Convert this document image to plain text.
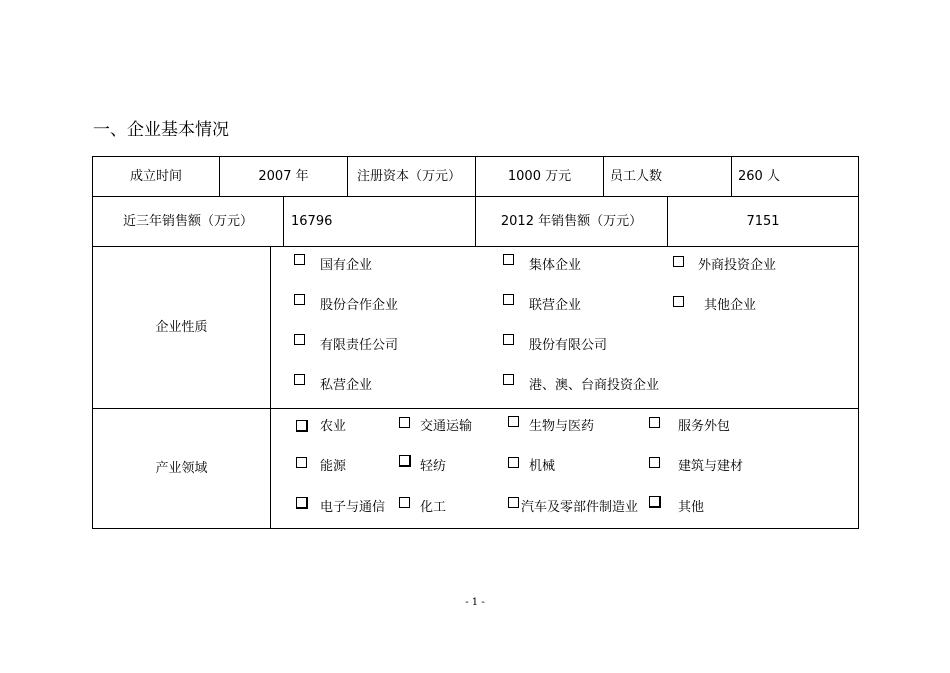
一、企业基本情况
成立时间	2007 年	注册资本（万元）	1000 万元	员工人数	260 人
近三年销售额（万元）	16796	2012 年销售额（万元）	7151
企业性质
国有企业	集体企业	外商投资企业
股份合作企业	联营企业	其他企业
有限责任公司	股份有限公司
私营企业	港、澳、台商投资企业
产业领域
农业	交通运输	生物与医药	服务外包
能源	轻纺	机械	建筑与建材
电子与通信	化工	汽车及零部件制造业	其他
- 1 -
